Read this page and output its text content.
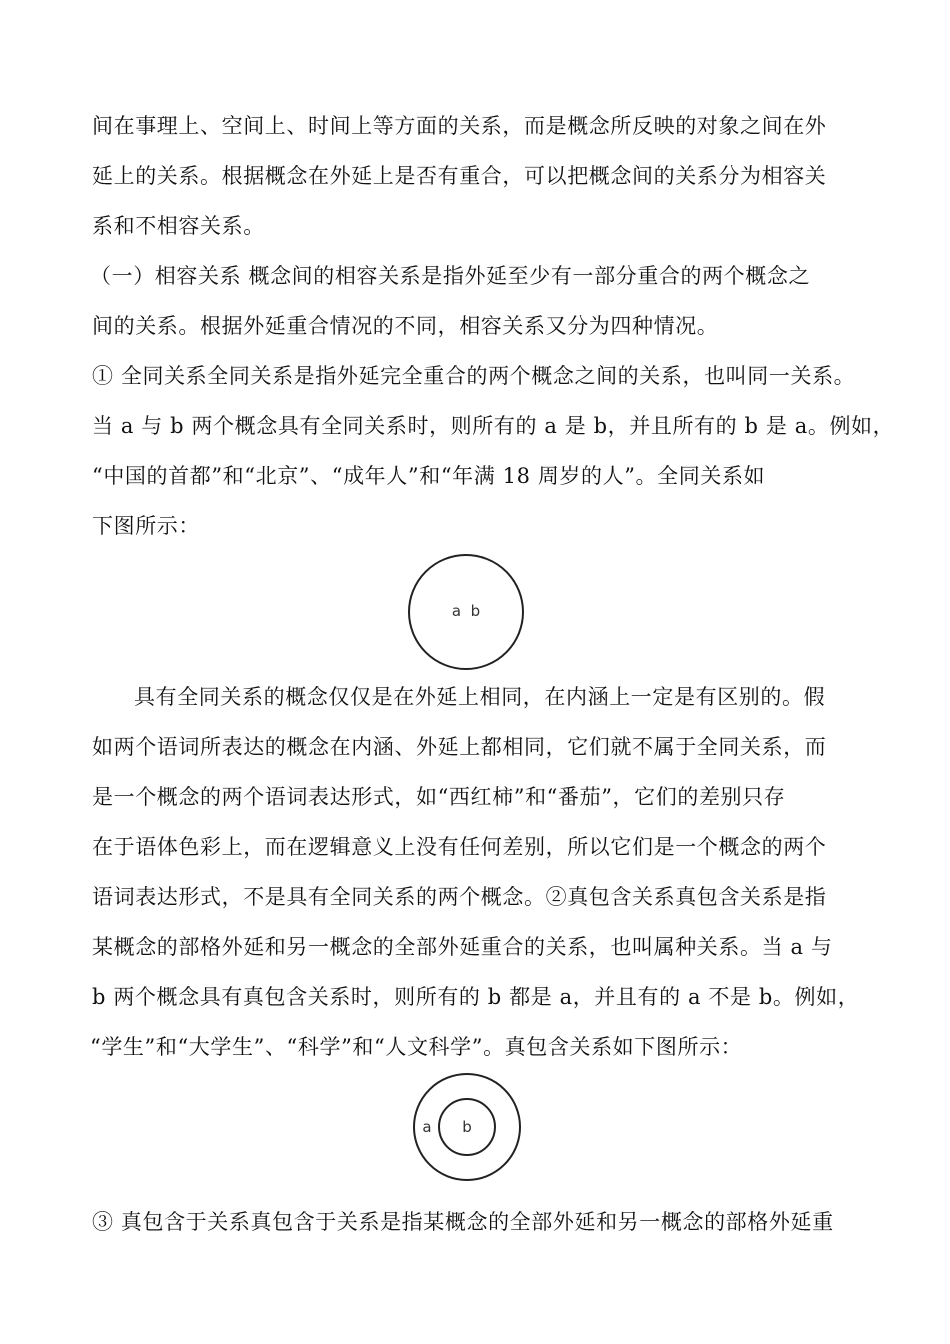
间在事理上、空间上、时间上等方面的关系，而是概念所反映的对象之间在外
延上的关系。根据概念在外延上是否有重合，可以把概念间的关系分为相容关
系和不相容关系。
（一）相容关系 概念间的相容关系是指外延至少有一部分重合的两个概念之
间的关系。根据外延重合情况的不同，相容关系又分为四种情况。
① 全同关系全同关系是指外延完全重合的两个概念之间的关系，也叫同一关系。
当 a 与 b 两个概念具有全同关系时，则所有的 a 是 b，并且所有的 b 是 a。例如，
“中国的首都”和“北京”、“成年人”和“年满 18 周岁的人”。全同关系如
下图所示：
a  b
具有全同关系的概念仅仅是在外延上相同，在内涵上一定是有区别的。假
如两个语词所表达的概念在内涵、外延上都相同，它们就不属于全同关系，而
是一个概念的两个语词表达形式，如“西红柿”和“番茄”，它们的差别只存
在于语体色彩上，而在逻辑意义上没有任何差别，所以它们是一个概念的两个
语词表达形式，不是具有全同关系的两个概念。②真包含关系真包含关系是指
某概念的部格外延和另一概念的全部外延重合的关系，也叫属种关系。当 a 与
b 两个概念具有真包含关系时，则所有的 b 都是 a，并且有的 a 不是 b。例如，
“学生”和“大学生”、“科学”和“人文科学”。真包含关系如下图所示：
a b
③ 真包含于关系真包含于关系是指某概念的全部外延和另一概念的部格外延重
